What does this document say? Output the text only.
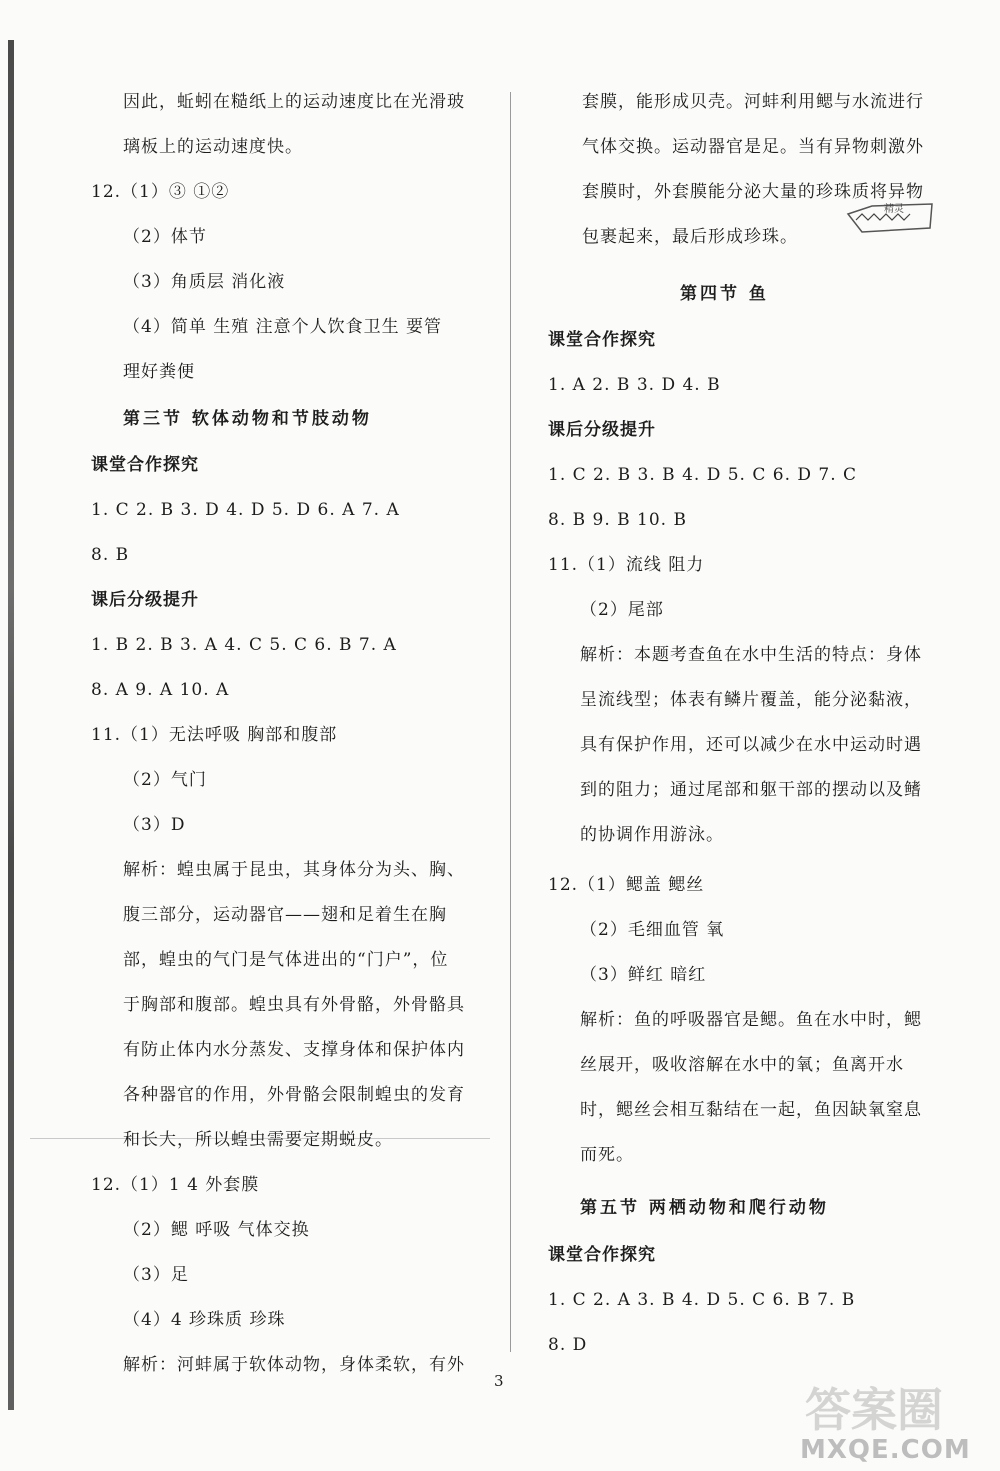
因此，蚯蚓在糙纸上的运动速度比在光滑玻
璃板上的运动速度快。
12.（1）③ ①②
（2）体节
（3）角质层 消化液
（4）简单 生殖 注意个人饮食卫生 要管
理好粪便
第三节 软体动物和节肢动物
课堂合作探究
1. C 2. B 3. D 4. D 5. D 6. A 7. A
8. B
课后分级提升
1. B 2. B 3. A 4. C 5. C 6. B 7. A
8. A 9. A 10. A
11.（1）无法呼吸 胸部和腹部
（2）气门
（3）D
解析：蝗虫属于昆虫，其身体分为头、胸、
腹三部分，运动器官——翅和足着生在胸
部，蝗虫的气门是气体进出的“门户”，位
于胸部和腹部。蝗虫具有外骨骼，外骨骼具
有防止体内水分蒸发、支撑身体和保护体内
各种器官的作用，外骨骼会限制蝗虫的发育
和长大，所以蝗虫需要定期蜕皮。
12.（1）1 4 外套膜
（2）鳃 呼吸 气体交换
（3）足
（4）4 珍珠质 珍珠
解析：河蚌属于软体动物，身体柔软，有外
套膜，能形成贝壳。河蚌利用鳃与水流进行
气体交换。运动器官是足。当有异物刺激外
套膜时，外套膜能分泌大量的珍珠质将异物
包裹起来，最后形成珍珠。
第四节 鱼
课堂合作探究
1. A 2. B 3. D 4. B
课后分级提升
1. C 2. B 3. B 4. D 5. C 6. D 7. C
8. B 9. B 10. B
11.（1）流线 阻力
（2）尾部
解析：本题考查鱼在水中生活的特点：身体
呈流线型；体表有鳞片覆盖，能分泌黏液，
具有保护作用，还可以减少在水中运动时遇
到的阻力；通过尾部和躯干部的摆动以及鳍
的协调作用游泳。
12.（1）鳃盖 鳃丝
（2）毛细血管 氧
（3）鲜红 暗红
解析：鱼的呼吸器官是鳃。鱼在水中时，鳃
丝展开，吸收溶解在水中的氧；鱼离开水
时，鳃丝会相互黏结在一起，鱼因缺氧窒息
而死。
第五节 两栖动物和爬行动物
课堂合作探究
1. C 2. A 3. B 4. D 5. C 6. B 7. B
8. D
精灵
3
答案圈
MXQE.COM
